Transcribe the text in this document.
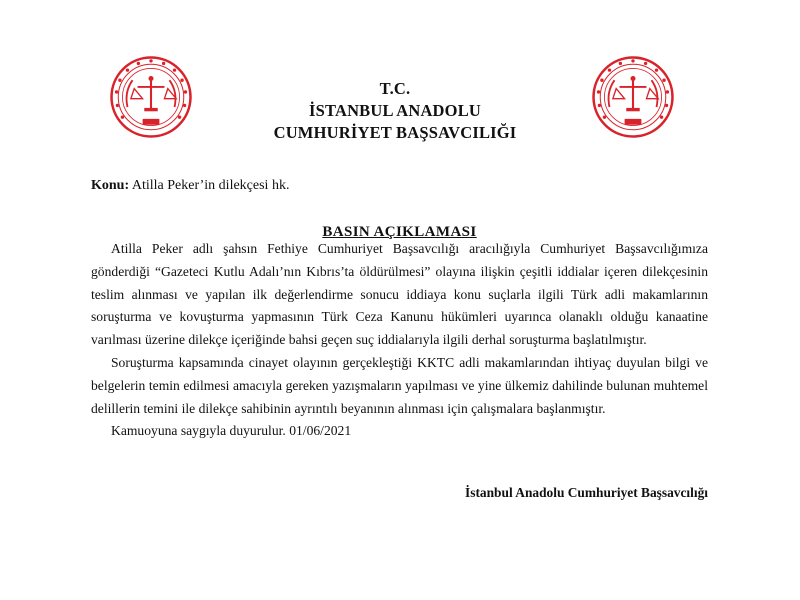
T.C.
İSTANBUL ANADOLU
CUMHURİYET BAŞSAVCILIĞI
Konu: Atilla Peker’in dilekçesi hk.
BASIN AÇIKLAMASI

Atilla Peker adlı şahsın Fethiye Cumhuriyet Başsavcılığı aracılığıyla Cumhuriyet Başsavcılığımıza gönderdiği “Gazeteci Kutlu Adalı’nın Kıbrıs’ta öldürülmesi” olayına ilişkin çeşitli iddialar içeren dilekçesinin teslim alınması ve yapılan ilk değerlendirme sonucu iddiaya konu suçlarla ilgili Türk adli makamlarının soruşturma ve kovuşturma yapmasının Türk Ceza Kanunu hükümleri uyarınca olanaklı olduğu kanaatine varılması üzerine dilekçe içeriğinde bahsi geçen suç iddialarıyla ilgili derhal soruşturma başlatılmıştır.

Soruşturma kapsamında cinayet olayının gerçekleştiği KKTC adli makamlarından ihtiyaç duyulan bilgi ve belgelerin temin edilmesi amacıyla gereken yazışmaların yapılması ve yine ülkemiz dahilinde bulunan muhtemel delillerin temini ile dilekçe sahibinin ayrıntılı beyanının alınması için çalışmalara başlanmıştır.

Kamuoyuna saygıyla duyurulur. 01/06/2021

İstanbul Anadolu Cumhuriyet Başsavcılığı
